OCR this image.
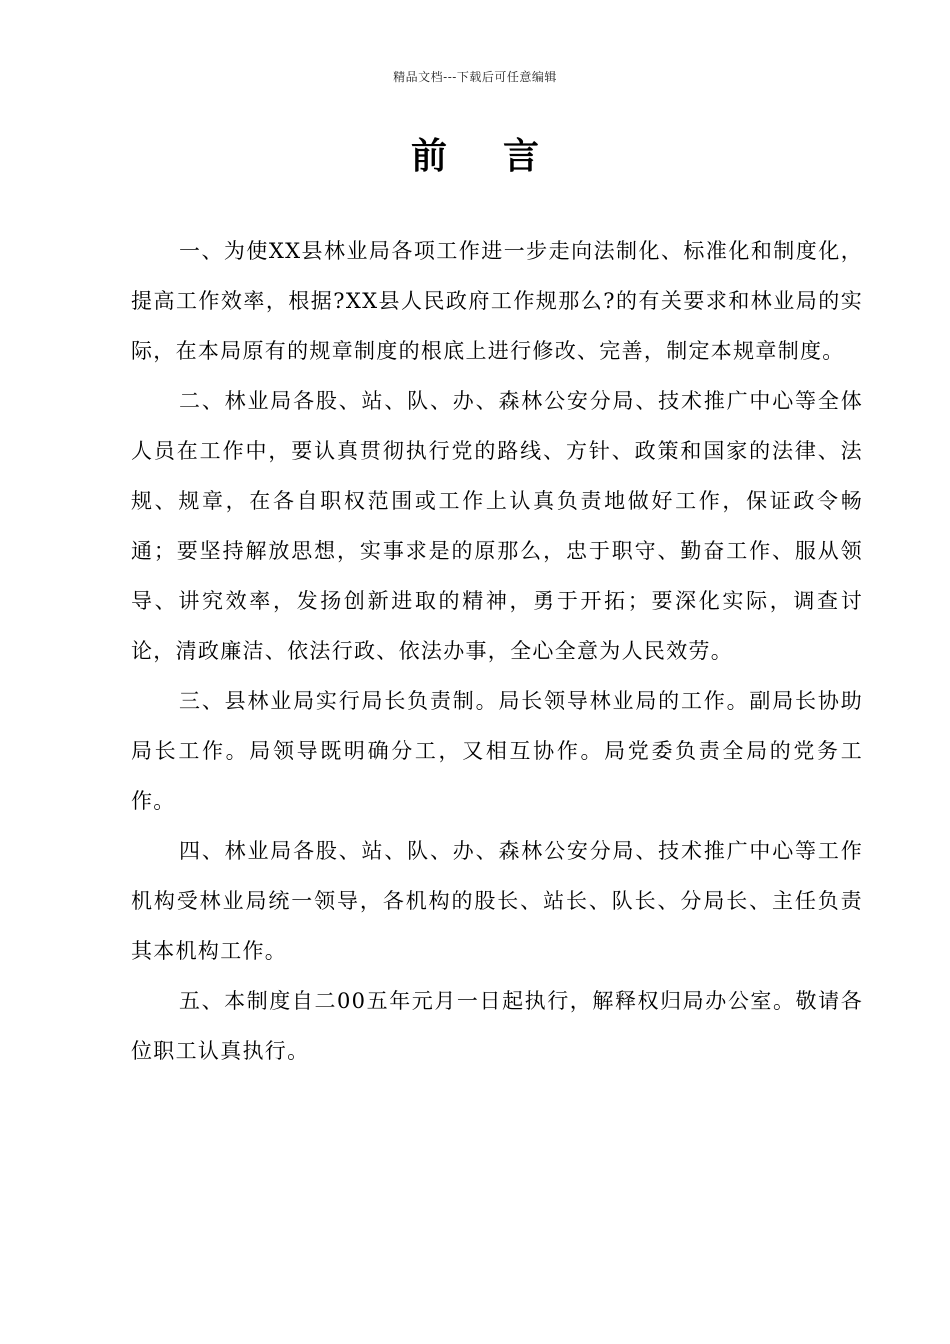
精品文档---下载后可任意编辑
前 言

一、为使XX县林业局各项工作进一步走向法制化、标准化和制度化，提高工作效率，根据?XX县人民政府工作规那么?的有关要求和林业局的实际，在本局原有的规章制度的根底上进行修改、完善，制定本规章制度。

二、林业局各股、站、队、办、森林公安分局、技术推广中心等全体人员在工作中，要认真贯彻执行党的路线、方针、政策和国家的法律、法规、规章，在各自职权范围或工作上认真负责地做好工作，保证政令畅通；要坚持解放思想，实事求是的原那么，忠于职守、勤奋工作、服从领导、讲究效率，发扬创新进取的精神，勇于开拓；要深化实际，调查讨论，清政廉洁、依法行政、依法办事，全心全意为人民效劳。

三、县林业局实行局长负责制。局长领导林业局的工作。副局长协助局长工作。局领导既明确分工，又相互协作。局党委负责全局的党务工作。

四、林业局各股、站、队、办、森林公安分局、技术推广中心等工作机构受林业局统一领导，各机构的股长、站长、队长、分局长、主任负责其本机构工作。

五、本制度自二00五年元月一日起执行，解释权归局办公室。敬请各位职工认真执行。
